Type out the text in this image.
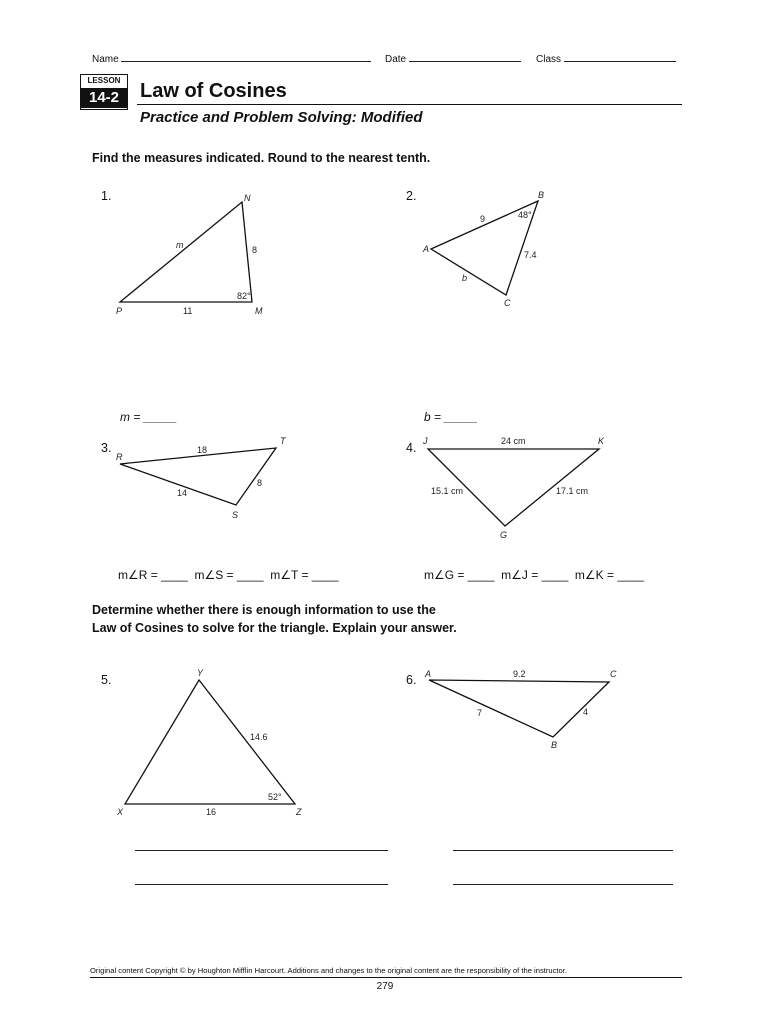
Name	Date	Class
LESSON
14-2	Law of Cosines
Practice and Problem Solving: Modified
Find the measures indicated. Round to the nearest tenth.
1.	2.
3.	4.
5.	6.
m = _____	b = _____
m∠R = ____  m∠S = ____  m∠T = ____	m∠G = ____  m∠J = ____  m∠K = ____
Determine whether there is enough information to use the
Law of Cosines to solve for the triangle. Explain your answer.
N
m	8
82°
P	11	M
B
9	48°
A
7.4
b
C
R
18
T
8
14
S
J	24 cm	K
15.1 cm	17.1 cm
G
Y
14.6
52°
X	16	Z
A	9.2	C
7	4
B
Original content Copyright © by Houghton Mifflin Harcourt. Additions and changes to the original content are the responsibility of the instructor.
279
